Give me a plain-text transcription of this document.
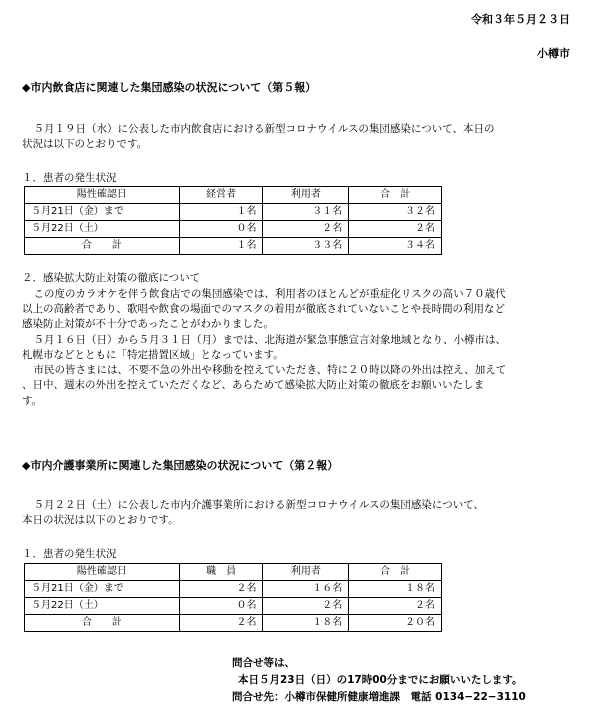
令和３年５月２３日
小樽市
◆市内飲食店に関連した集団感染の状況について（第５報）
５月１９日（水）に公表した市内飲食店における新型コロナウイルスの集団感染について、本日の
状況は以下のとおりです。
１．患者の発生状況
陽性確認日	経営者	利用者	合　計
５月21日（金）まで	１名	３１名	３２名
５月22日（土）	０名	２名	２名
合　　計	１名	３３名	３４名
２．感染拡大防止対策の徹底について
この度のカラオケを伴う飲食店での集団感染では、利用者のほとんどが重症化リスクの高い７０歳代
以上の高齢者であり、歌唱や飲食の場面でのマスクの着用が徹底されていないことや長時間の利用など
感染防止対策が不十分であったことがわかりました。
５月１６日（日）から５月３１日（月）までは、北海道が緊急事態宣言対象地域となり、小樽市は、
札幌市などとともに「特定措置区域」となっています。
市民の皆さまには、不要不急の外出や移動を控えていただき、特に２０時以降の外出は控え、加えて
、日中、週末の外出を控えていただくなど、あらためて感染拡大防止対策の徹底をお願いいたしま
す。
◆市内介護事業所に関連した集団感染の状況について（第２報）
５月２２日（土）に公表した市内介護事業所における新型コロナウイルスの集団感染について、
本日の状況は以下のとおりです。
１．患者の発生状況
陽性確認日	職　員	利用者	合　計
５月21日（金）まで	２名	１６名	１８名
５月22日（土）	０名	２名	２名
合　　計	２名	１８名	２０名
問合せ等は、
本日５月23日（日）の17時00分までにお願いいたします。
問合せ先：小樽市保健所健康増進課　電話 0134−22−3110
